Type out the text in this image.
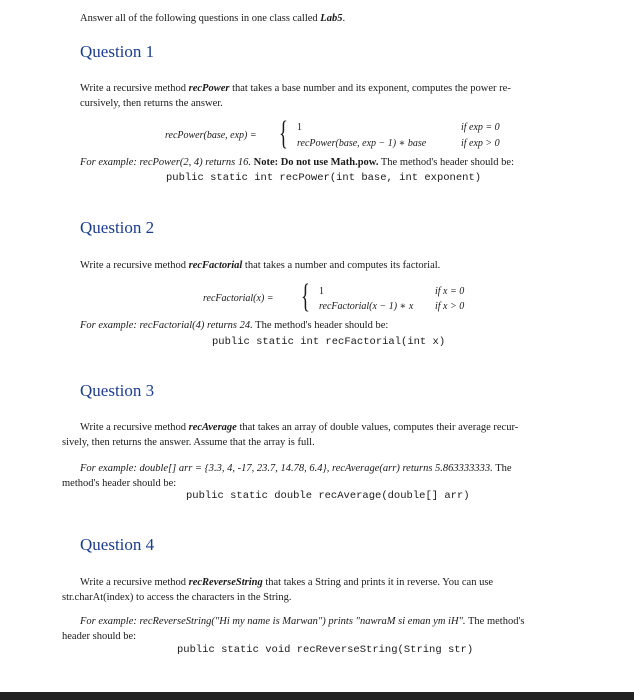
Answer all of the following questions in one class called Lab5.
Question 1
Write a recursive method recPower that takes a base number and its exponent, computes the power re-
cursively, then returns the answer.
recPower(base, exp) = { 1	if exp = 0
recPower(base, exp − 1) ∗ base	if exp > 0
For example: recPower(2, 4) returns 16. Note: Do not use Math.pow. The method's header should be:
public static int recPower(int base, int exponent)
Question 2
Write a recursive method recFactorial that takes a number and computes its factorial.
recFactorial(x) = { 1	if x = 0
recFactorial(x − 1) ∗ x if x > 0
For example: recFactorial(4) returns 24. The method's header should be:
public static int recFactorial(int x)
Question 3
Write a recursive method recAverage that takes an array of double values, computes their average recur-
sively, then returns the answer. Assume that the array is full.
For example: double[] arr = {3.3, 4, -17, 23.7, 14.78, 6.4}, recAverage(arr) returns 5.863333333. The
method's header should be:
public static double recAverage(double[] arr)
Question 4
Write a recursive method recReverseString that takes a String and prints it in reverse. You can use
str.charAt(index) to access the characters in the String.
For example: recReverseString("Hi my name is Marwan") prints "nawraM si eman ym iH". The method's
header should be:
public static void recReverseString(String str)
